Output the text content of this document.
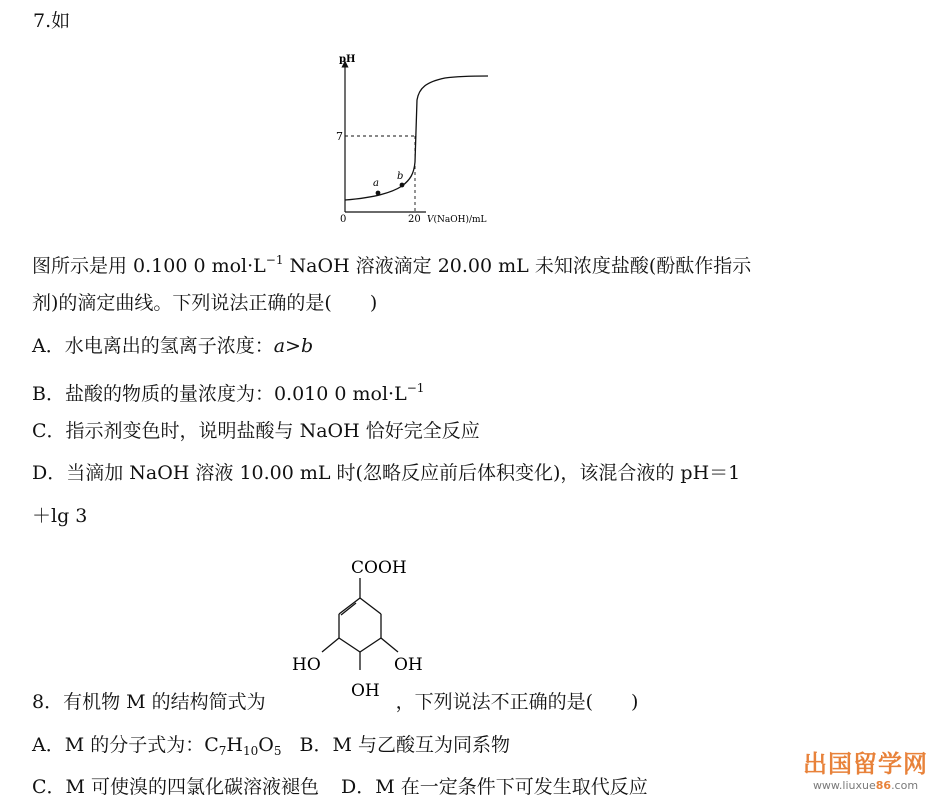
7.如
pH
7
a
b
0	20 V(NaOH)/mL
图所示是用 0.100 0 $mol\cdot L^{-1}$ NaOH 溶液滴定 20.00 mL 未知浓度盐酸(酚酞作指示
剂)的滴定曲线。下列说法正确的是(　　)
A．水电离出的氢离子浓度：a>b
B．盐酸的物质的量浓度为：0.010 0 $mol\cdot L^{-1}$
C．指示剂变色时，说明盐酸与 NaOH 恰好完全反应
D．当滴加 NaOH 溶液 10.00 mL 时(忽略反应前后体积变化)，该混合液的 pH＝1
＋lg 3
COOH
HO	OH
OH
8．有机物 M 的结构简式为	，下列说法不正确的是(　　)
A．M 的分子式为：$C_7H_{10}O_5$ B．M 与乙酸互为同系物
C．M 可使溴的四氯化碳溶液褪色 D．M 在一定条件下可发生取代反应
出国留学网
www.liuxue86.com
